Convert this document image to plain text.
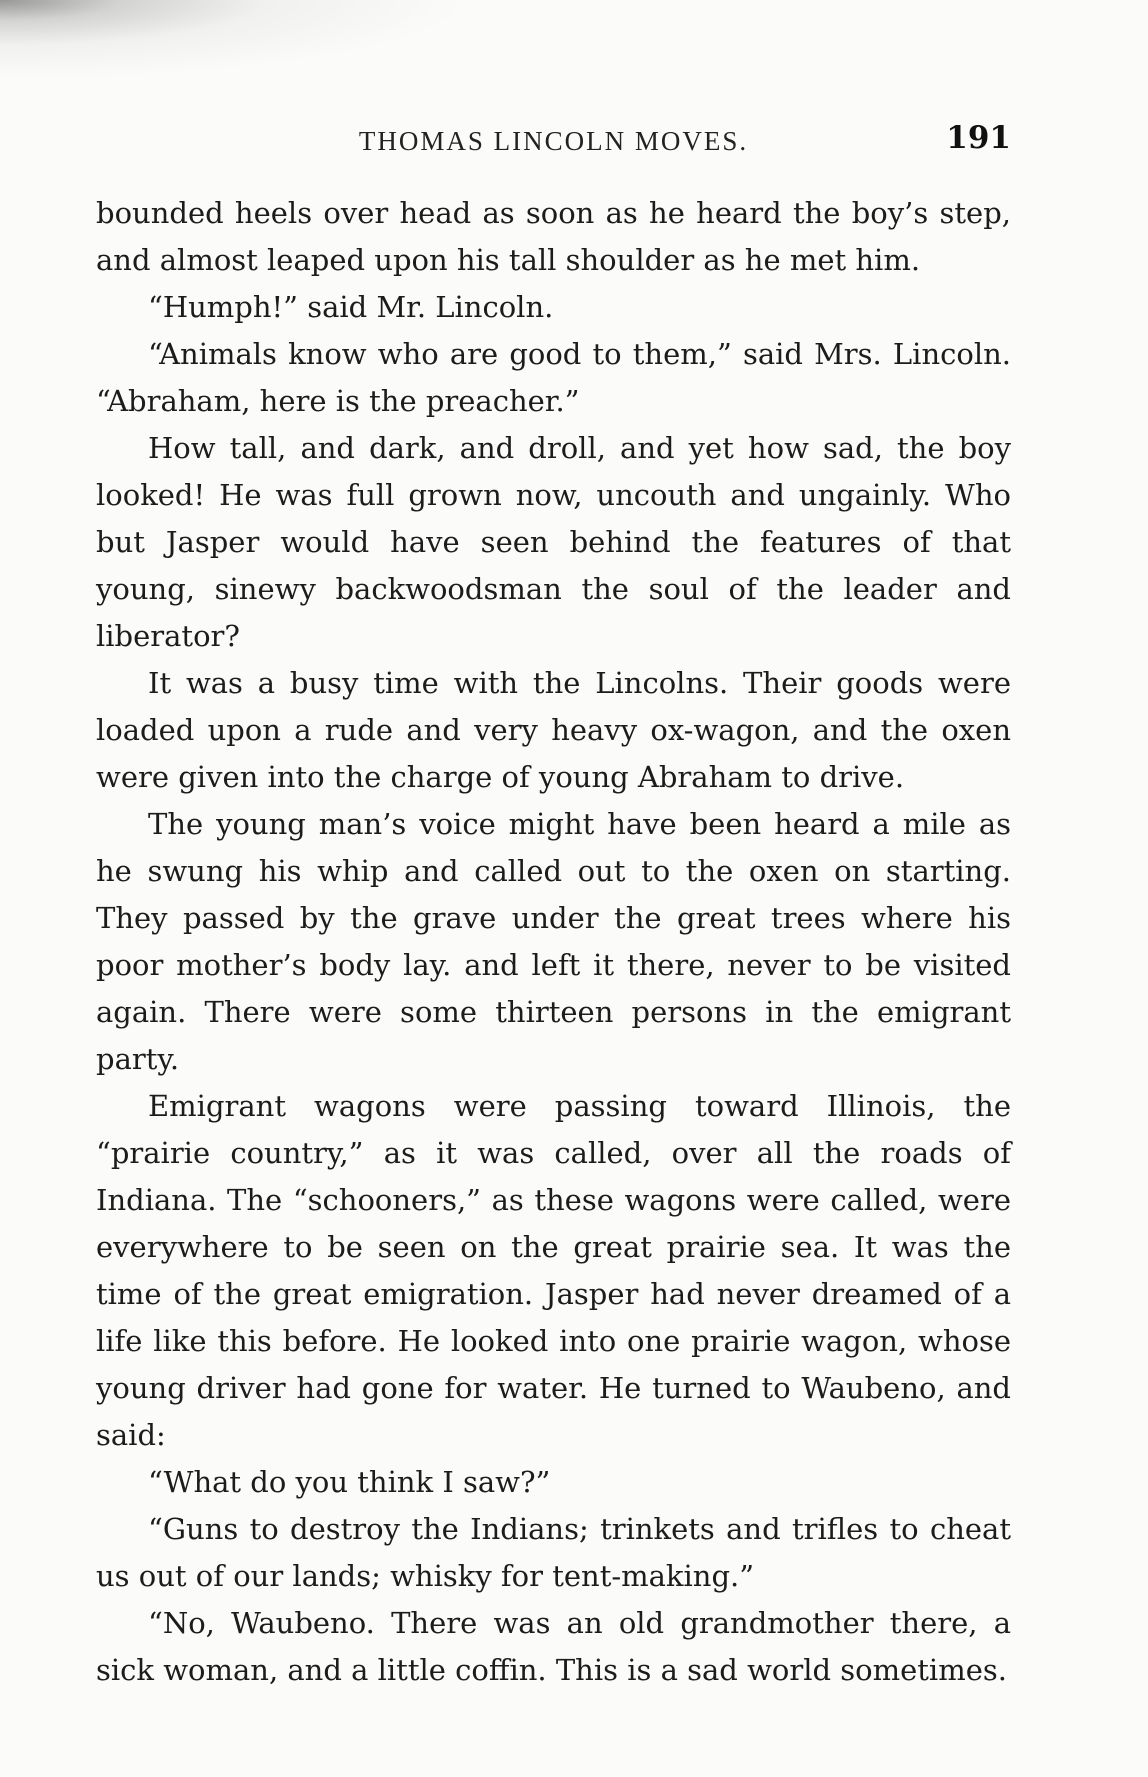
THOMAS LINCOLN MOVES.	191

bounded heels over head as soon as he heard the boy’s step, and almost leaped upon his tall shoulder as he met him.

“Humph!” said Mr. Lincoln.

“Animals know who are good to them,” said Mrs. Lincoln. “Abraham, here is the preacher.”

How tall, and dark, and droll, and yet how sad, the boy looked! He was full grown now, uncouth and ungainly. Who but Jasper would have seen behind the features of that young, sinewy backwoodsman the soul of the leader and liberator?

It was a busy time with the Lincolns. Their goods were loaded upon a rude and very heavy ox-wagon, and the oxen were given into the charge of young Abraham to drive.

The young man’s voice might have been heard a mile as he swung his whip and called out to the oxen on starting. They passed by the grave under the great trees where his poor mother’s body lay. and left it there, never to be visited again. There were some thirteen persons in the emigrant party.

Emigrant wagons were passing toward Illinois, the “prairie country,” as it was called, over all the roads of Indiana. The “schooners,” as these wagons were called, were everywhere to be seen on the great prairie sea. It was the time of the great emigration. Jasper had never dreamed of a life like this before. He looked into one prairie wagon, whose young driver had gone for water. He turned to Waubeno, and said:

“What do you think I saw?”

“Guns to destroy the Indians; trinkets and trifles to cheat us out of our lands; whisky for tent-making.”

“No, Waubeno. There was an old grandmother there, a sick woman, and a little coffin. This is a sad world sometimes.
